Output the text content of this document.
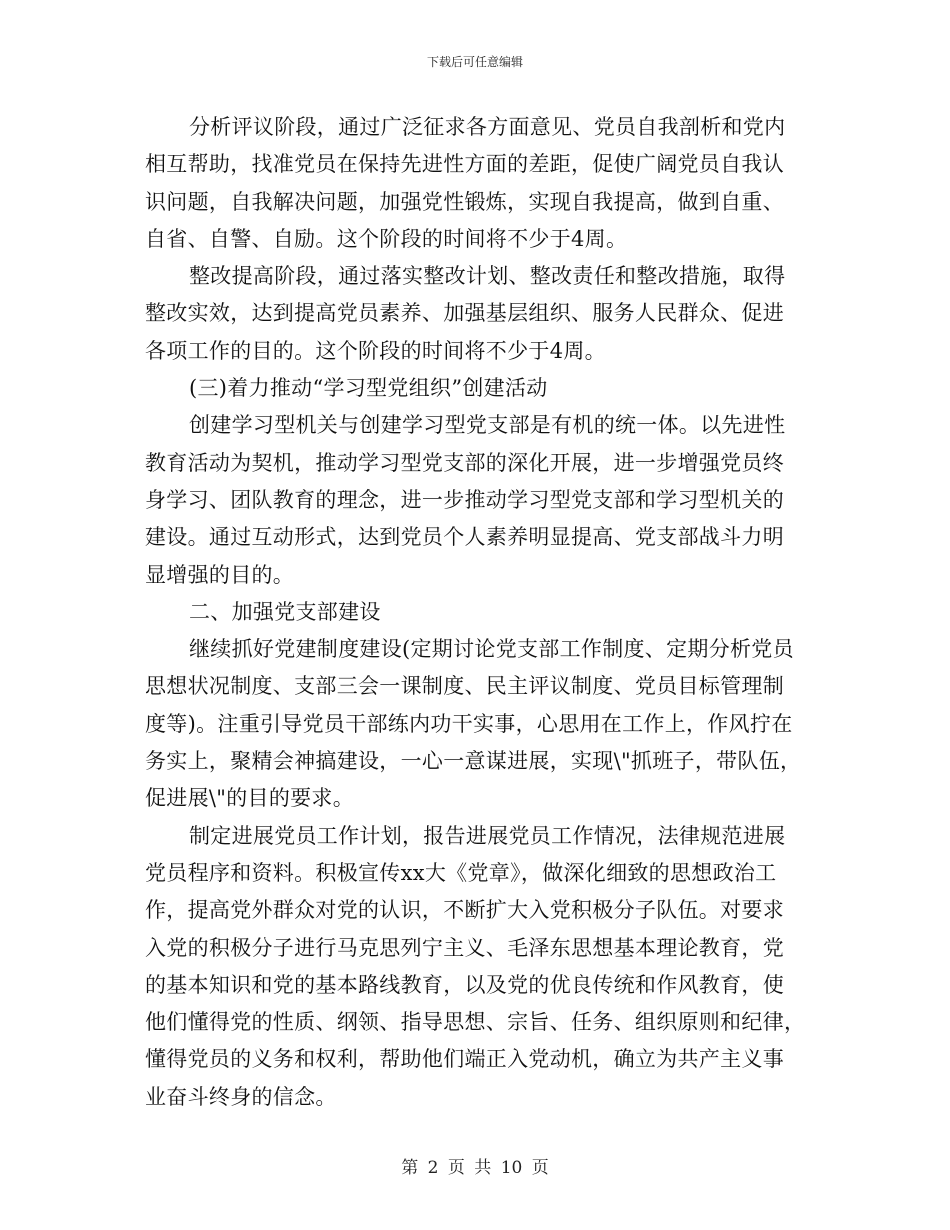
下载后可任意编辑
分析评议阶段，通过广泛征求各方面意见、党员自我剖析和党内
相互帮助，找准党员在保持先进性方面的差距，促使广阔党员自我认
识问题，自我解决问题，加强党性锻炼，实现自我提高，做到自重、
自省、自警、自励。这个阶段的时间将不少于4周。
整改提高阶段，通过落实整改计划、整改责任和整改措施，取得
整改实效，达到提高党员素养、加强基层组织、服务人民群众、促进
各项工作的目的。这个阶段的时间将不少于4周。
(三)着力推动“学习型党组织”创建活动
创建学习型机关与创建学习型党支部是有机的统一体。以先进性
教育活动为契机，推动学习型党支部的深化开展，进一步增强党员终
身学习、团队教育的理念，进一步推动学习型党支部和学习型机关的
建设。通过互动形式，达到党员个人素养明显提高、党支部战斗力明
显增强的目的。
二、加强党支部建设
继续抓好党建制度建设(定期讨论党支部工作制度、定期分析党员
思想状况制度、支部三会一课制度、民主评议制度、党员目标管理制
度等)。注重引导党员干部练内功干实事，心思用在工作上，作风拧在
务实上，聚精会神搞建设，一心一意谋进展，实现\"抓班子，带队伍，
促进展\"的目的要求。
制定进展党员工作计划，报告进展党员工作情况，法律规范进展
党员程序和资料。积极宣传xx大《党章》，做深化细致的思想政治工
作，提高党外群众对党的认识，不断扩大入党积极分子队伍。对要求
入党的积极分子进行马克思列宁主义、毛泽东思想基本理论教育，党
的基本知识和党的基本路线教育，以及党的优良传统和作风教育，使
他们懂得党的性质、纲领、指导思想、宗旨、任务、组织原则和纪律，
懂得党员的义务和权利，帮助他们端正入党动机，确立为共产主义事
业奋斗终身的信念。
第 2 页 共 10 页
